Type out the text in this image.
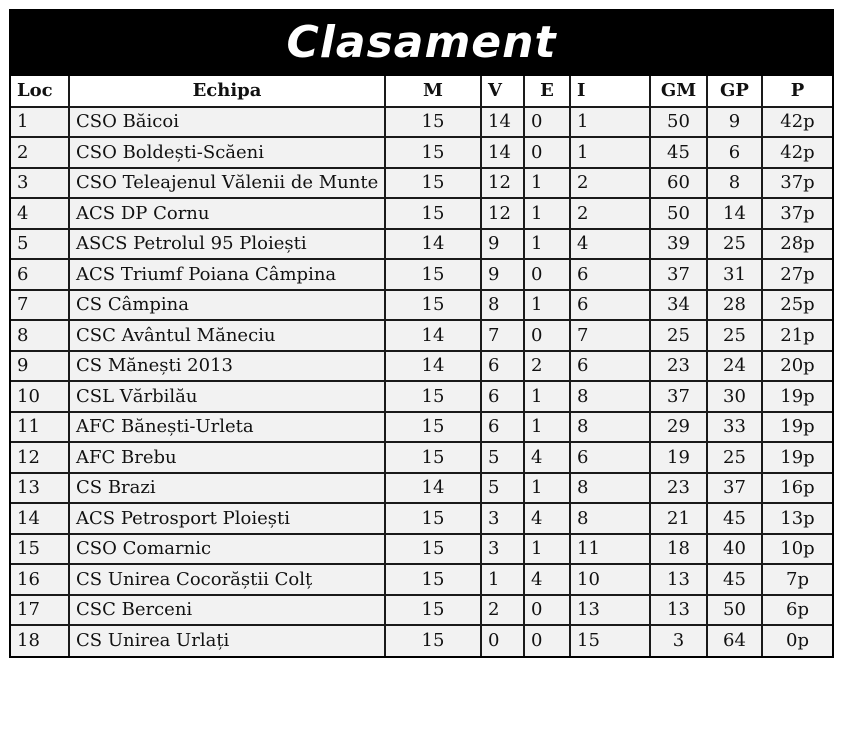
Clasament
Loc	Echipa	M	V	E	I	GM	GP	P
1	CSO Băicoi	15	14	0	1	50	9	42p
2	CSO Boldești-Scăeni	15	14	0	1	45	6	42p
3	CSO Teleajenul Vălenii de Munte	15	12	1	2	60	8	37p
4	ACS DP Cornu	15	12	1	2	50	14	37p
5	ASCS Petrolul 95 Ploiești	14	9	1	4	39	25	28p
6	ACS Triumf Poiana Câmpina	15	9	0	6	37	31	27p
7	CS Câmpina	15	8	1	6	34	28	25p
8	CSC Avântul Măneciu	14	7	0	7	25	25	21p
9	CS Mănești 2013	14	6	2	6	23	24	20p
10	CSL Vărbilău	15	6	1	8	37	30	19p
11	AFC Bănești-Urleta	15	6	1	8	29	33	19p
12	AFC Brebu	15	5	4	6	19	25	19p
13	CS Brazi	14	5	1	8	23	37	16p
14	ACS Petrosport Ploiești	15	3	4	8	21	45	13p
15	CSO Comarnic	15	3	1	11	18	40	10p
16	CS Unirea Cocorăștii Colț	15	1	4	10	13	45	7p
17	CSC Berceni	15	2	0	13	13	50	6p
18	CS Unirea Urlați	15	0	0	15	3	64	0p
